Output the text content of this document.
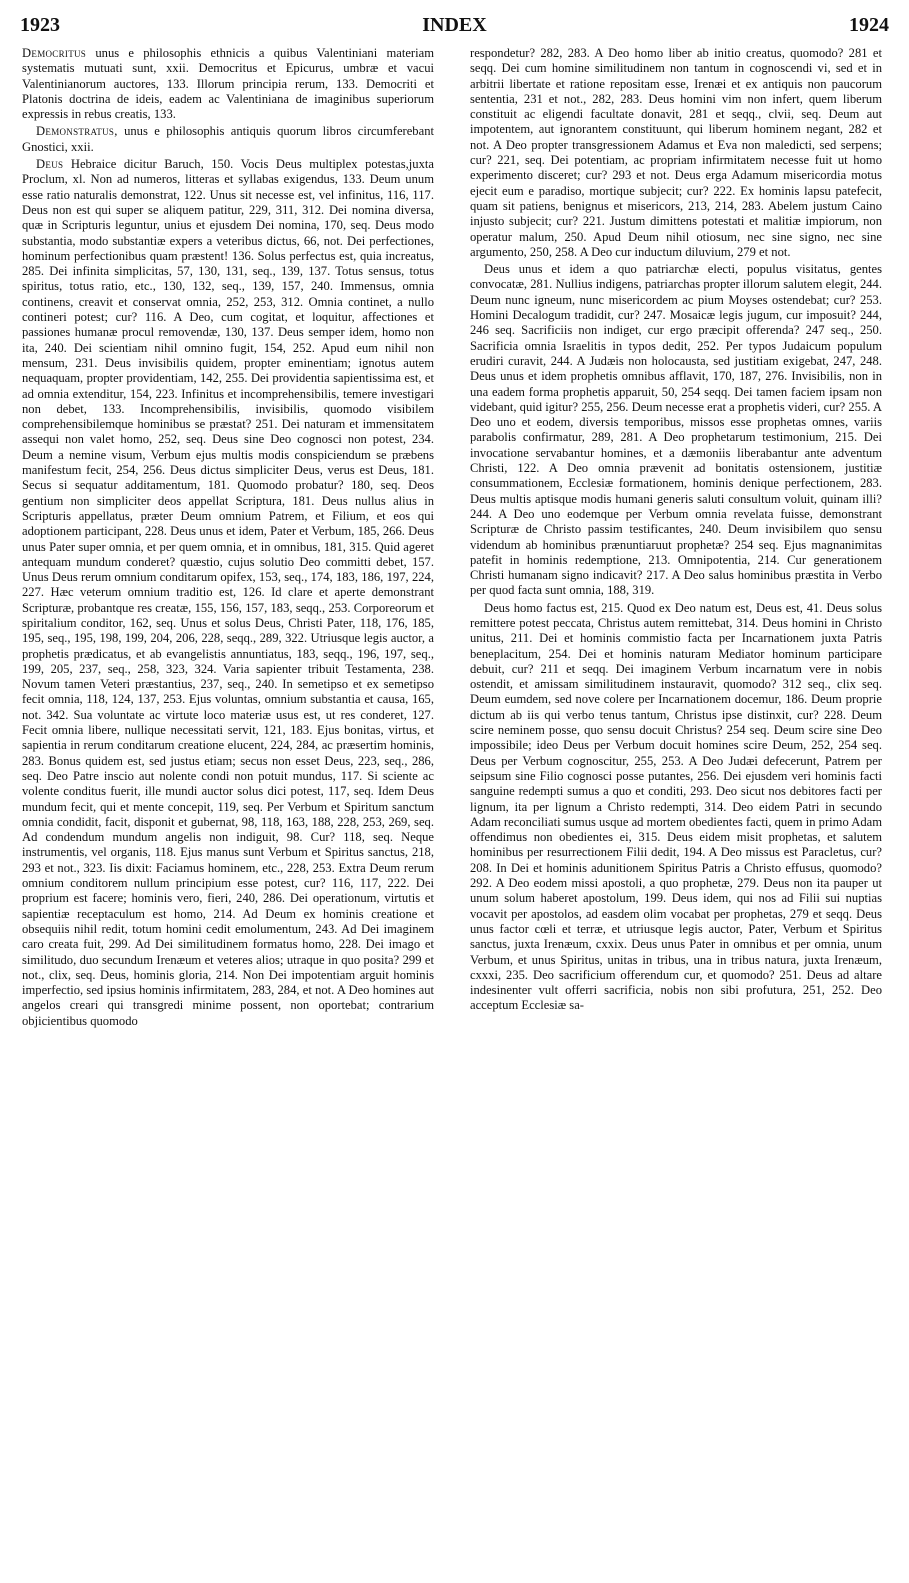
1923	INDEX	1924

Democritus unus e philosophis ethnicis a quibus Valentiniani materiam systematis mutuati sunt, xxii. Democritus et Epicurus, umbræ et vacui Valentinianorum auctores, 133. Illorum principia rerum, 133. Democriti et Platonis doctrina de ideis, eadem ac Valentiniana de imaginibus superiorum expressis in rebus creatis, 133.

Demonstratus, unus e philosophis antiquis quorum libros circumferebant Gnostici, xxii.

Deus Hebraice dicitur Baruch, 150. Vocis Deus multiplex potestas,juxta Proclum, xl. Non ad numeros, litteras et syllabas exigendus, 133. Deum unum esse ratio naturalis demonstrat, 122. Unus sit necesse est, vel infinitus, 116, 117. Deus non est qui super se aliquem patitur, 229, 311, 312. Dei nomina diversa, quæ in Scripturis leguntur, unius et ejusdem Dei nomina, 170, seq. Deus modo substantia, modo substantiæ expers a veteribus dictus, 66, not. Dei perfectiones, hominum perfectionibus quam præstent! 136. Solus perfectus est, quia increatus, 285. Dei infinita simplicitas, 57, 130, 131, seq., 139, 137. Totus sensus, totus spiritus, totus ratio, etc., 130, 132, seq., 139, 157, 240. Immensus, omnia continens, creavit et conservat omnia, 252, 253, 312. Omnia continet, a nullo contineri potest; cur? 116. A Deo, cum cogitat, et loquitur, affectiones et passiones humanæ procul removendæ, 130, 137. Deus semper idem, homo non ita, 240. Dei scientiam nihil omnino fugit, 154, 252. Apud eum nihil non mensum, 231. Deus invisibilis quidem, propter eminentiam; ignotus autem nequaquam, propter providentiam, 142, 255. Dei providentia sapientissima est, et ad omnia extenditur, 154, 223. Infinitus et incomprehensibilis, temere investigari non debet, 133. Incomprehensibilis, invisibilis, quomodo visibilem comprehensibilemque hominibus se præstat? 251. Dei naturam et immensitatem assequi non valet homo, 252, seq. Deus sine Deo cognosci non potest, 234. Deum a nemine visum, Verbum ejus multis modis conspiciendum se præbens manifestum fecit, 254, 256. Deus dictus simpliciter Deus, verus est Deus, 181. Secus si sequatur additamentum, 181. Quomodo probatur? 180, seq. Deos gentium non simpliciter deos appellat Scriptura, 181. Deus nullus alius in Scripturis appellatus, præter Deum omnium Patrem, et Filium, et eos qui adoptionem participant, 228. Deus unus et idem, Pater et Verbum, 185, 266. Deus unus Pater super omnia, et per quem omnia, et in omnibus, 181, 315. Quid ageret antequam mundum conderet? quæstio, cujus solutio Deo committi debet, 157. Unus Deus rerum omnium conditarum opifex, 153, seq., 174, 183, 186, 197, 224, 227. Hæc veterum omnium traditio est, 126. Id clare et aperte demonstrant Scripturæ, probantque res creatæ, 155, 156, 157, 183, seqq., 253. Corporeorum et spiritalium conditor, 162, seq. Unus et solus Deus, Christi Pater, 118, 176, 185, 195, seq., 195, 198, 199, 204, 206, 228, seqq., 289, 322. Utriusque legis auctor, a prophetis prædicatus, et ab evangelistis annuntiatus, 183, seqq., 196, 197, seq., 199, 205, 237, seq., 258, 323, 324. Varia sapienter tribuit Testamenta, 238. Novum tamen Veteri præstantius, 237, seq., 240. In semetipso et ex semetipso fecit omnia, 118, 124, 137, 253. Ejus voluntas, omnium substantia et causa, 165, not. 342. Sua voluntate ac virtute loco materiæ usus est, ut res conderet, 127. Fecit omnia libere, nullique necessitati servit, 121, 183. Ejus bonitas, virtus, et sapientia in rerum conditarum creatione elucent, 224, 284, ac præsertim hominis, 283. Bonus quidem est, sed justus etiam; secus non esset Deus, 223, seq., 286, seq. Deo Patre inscio aut nolente condi non potuit mundus, 117. Si sciente ac volente conditus fuerit, ille mundi auctor solus dici potest, 117, seq. Idem Deus mundum fecit, qui et mente concepit, 119, seq. Per Verbum et Spiritum sanctum omnia condidit, facit, disponit et gubernat, 98, 118, 163, 188, 228, 253, 269, seq. Ad condendum mundum angelis non indiguit, 98. Cur? 118, seq. Neque instrumentis, vel organis, 118. Ejus manus sunt Verbum et Spiritus sanctus, 218, 293 et not., 323. Iis dixit: Faciamus hominem, etc., 228, 253. Extra Deum rerum omnium conditorem nullum principium esse potest, cur? 116, 117, 222. Dei proprium est facere; hominis vero, fieri, 240, 286. Dei operationum, virtutis et sapientiæ receptaculum est homo, 214. Ad Deum ex hominis creatione et obsequiis nihil redit, totum homini cedit emolumentum, 243. Ad Dei imaginem caro creata fuit, 299. Ad Dei similitudinem formatus homo, 228. Dei imago et similitudo, duo secundum Irenæum et veteres alios; utraque in quo posita? 299 et not., clix, seq. Deus, hominis gloria, 214. Non Dei impotentiam arguit hominis imperfectio, sed ipsius hominis infirmitatem, 283, 284, et not. A Deo homines aut angelos creari qui transgredi minime possent, non oportebat; contrarium objicientibus quomodo

respondetur? 282, 283. A Deo homo liber ab initio creatus, quomodo? 281 et seqq. Dei cum homine similitudinem non tantum in cognoscendi vi, sed et in arbitrii libertate et ratione repositam esse, Irenæi et ex antiquis non paucorum sententia, 231 et not., 282, 283. Deus homini vim non infert, quem liberum constituit ac eligendi facultate donavit, 281 et seqq., clvii, seq. Deum aut impotentem, aut ignorantem constituunt, qui liberum hominem negant, 282 et not. A Deo propter transgressionem Adamus et Eva non maledicti, sed serpens; cur? 221, seq. Dei potentiam, ac propriam infirmitatem necesse fuit ut homo experimento disceret; cur? 293 et not. Deus erga Adamum misericordia motus ejecit eum e paradiso, mortique subjecit; cur? 222. Ex hominis lapsu patefecit, quam sit patiens, benignus et misericors, 213, 214, 283. Abelem justum Caino injusto subjecit; cur? 221. Justum dimittens potestati et malitiæ impiorum, non operatur malum, 250. Apud Deum nihil otiosum, nec sine signo, nec sine argumento, 250, 258. A Deo cur inductum diluvium, 279 et not.

Deus unus et idem a quo patriarchæ electi, populus visitatus, gentes convocatæ, 281. Nullius indigens, patriarchas propter illorum salutem elegit, 244. Deum nunc igneum, nunc misericordem ac pium Moyses ostendebat; cur? 253. Homini Decalogum tradidit, cur? 247. Mosaicæ legis jugum, cur imposuit? 244, 246 seq. Sacrificiis non indiget, cur ergo præcipit offerenda? 247 seq., 250. Sacrificia omnia Israelitis in typos dedit, 252. Per typos Judaicum populum erudiri curavit, 244. A Judæis non holocausta, sed justitiam exigebat, 247, 248. Deus unus et idem prophetis omnibus afflavit, 170, 187, 276. Invisibilis, non in una eadem forma prophetis apparuit, 50, 254 seqq. Dei tamen faciem ipsam non videbant, quid igitur? 255, 256. Deum necesse erat a prophetis videri, cur? 255. A Deo uno et eodem, diversis temporibus, missos esse prophetas omnes, variis parabolis confirmatur, 289, 281. A Deo prophetarum testimonium, 215. Dei invocatione servabantur homines, et a dæmoniis liberabantur ante adventum Christi, 122. A Deo omnia prævenit ad bonitatis ostensionem, justitiæ consummationem, Ecclesiæ formationem, hominis denique perfectionem, 283. Deus multis aptisque modis humani generis saluti consultum voluit, quinam illi? 244. A Deo uno eodemque per Verbum omnia revelata fuisse, demonstrant Scripturæ de Christo passim testificantes, 240. Deum invisibilem quo sensu videndum ab hominibus prænuntiaruut prophetæ? 254 seq. Ejus magnanimitas patefit in hominis redemptione, 213. Omnipotentia, 214. Cur generationem Christi humanam signo indicavit? 217. A Deo salus hominibus præstita in Verbo per quod facta sunt omnia, 188, 319.

Deus homo factus est, 215. Quod ex Deo natum est, Deus est, 41. Deus solus remittere potest peccata, Christus autem remittebat, 314. Deus homini in Christo unitus, 211. Dei et hominis commistio facta per Incarnationem juxta Patris beneplacitum, 254. Dei et hominis naturam Mediator hominum participare debuit, cur? 211 et seqq. Dei imaginem Verbum incarnatum vere in nobis ostendit, et amissam similitudinem instauravit, quomodo? 312 seq., clix seq. Deum eumdem, sed nove colere per Incarnationem docemur, 186. Deum proprie dictum ab iis qui verbo tenus tantum, Christus ipse distinxit, cur? 228. Deum scire neminem posse, quo sensu docuit Christus? 254 seq. Deum scire sine Deo impossibile; ideo Deus per Verbum docuit homines scire Deum, 252, 254 seq. Deus per Verbum cognoscitur, 255, 253. A Deo Judæi defecerunt, Patrem per seipsum sine Filio cognosci posse putantes, 256. Dei ejusdem veri hominis facti sanguine redempti sumus a quo et conditi, 293. Deo sicut nos debitores facti per lignum, ita per lignum a Christo redempti, 314. Deo eidem Patri in secundo Adam reconciliati sumus usque ad mortem obedientes facti, quem in primo Adam offendimus non obedientes ei, 315. Deus eidem misit prophetas, et salutem hominibus per resurrectionem Filii dedit, 194. A Deo missus est Paracletus, cur? 208. In Dei et hominis adunitionem Spiritus Patris a Christo effusus, quomodo? 292. A Deo eodem missi apostoli, a quo prophetæ, 279. Deus non ita pauper ut unum solum haberet apostolum, 199. Deus idem, qui nos ad Filii sui nuptias vocavit per apostolos, ad easdem olim vocabat per prophetas, 279 et seqq. Deus unus factor cœli et terræ, et utriusque legis auctor, Pater, Verbum et Spiritus sanctus, juxta Irenæum, cxxix. Deus unus Pater in omnibus et per omnia, unum Verbum, et unus Spiritus, unitas in tribus, una in tribus natura, juxta Irenæum, cxxxi, 235. Deo sacrificium offerendum cur, et quomodo? 251. Deus ad altare indesinenter vult offerri sacrificia, nobis non sibi profutura, 251, 252. Deo acceptum Ecclesiæ sa-
